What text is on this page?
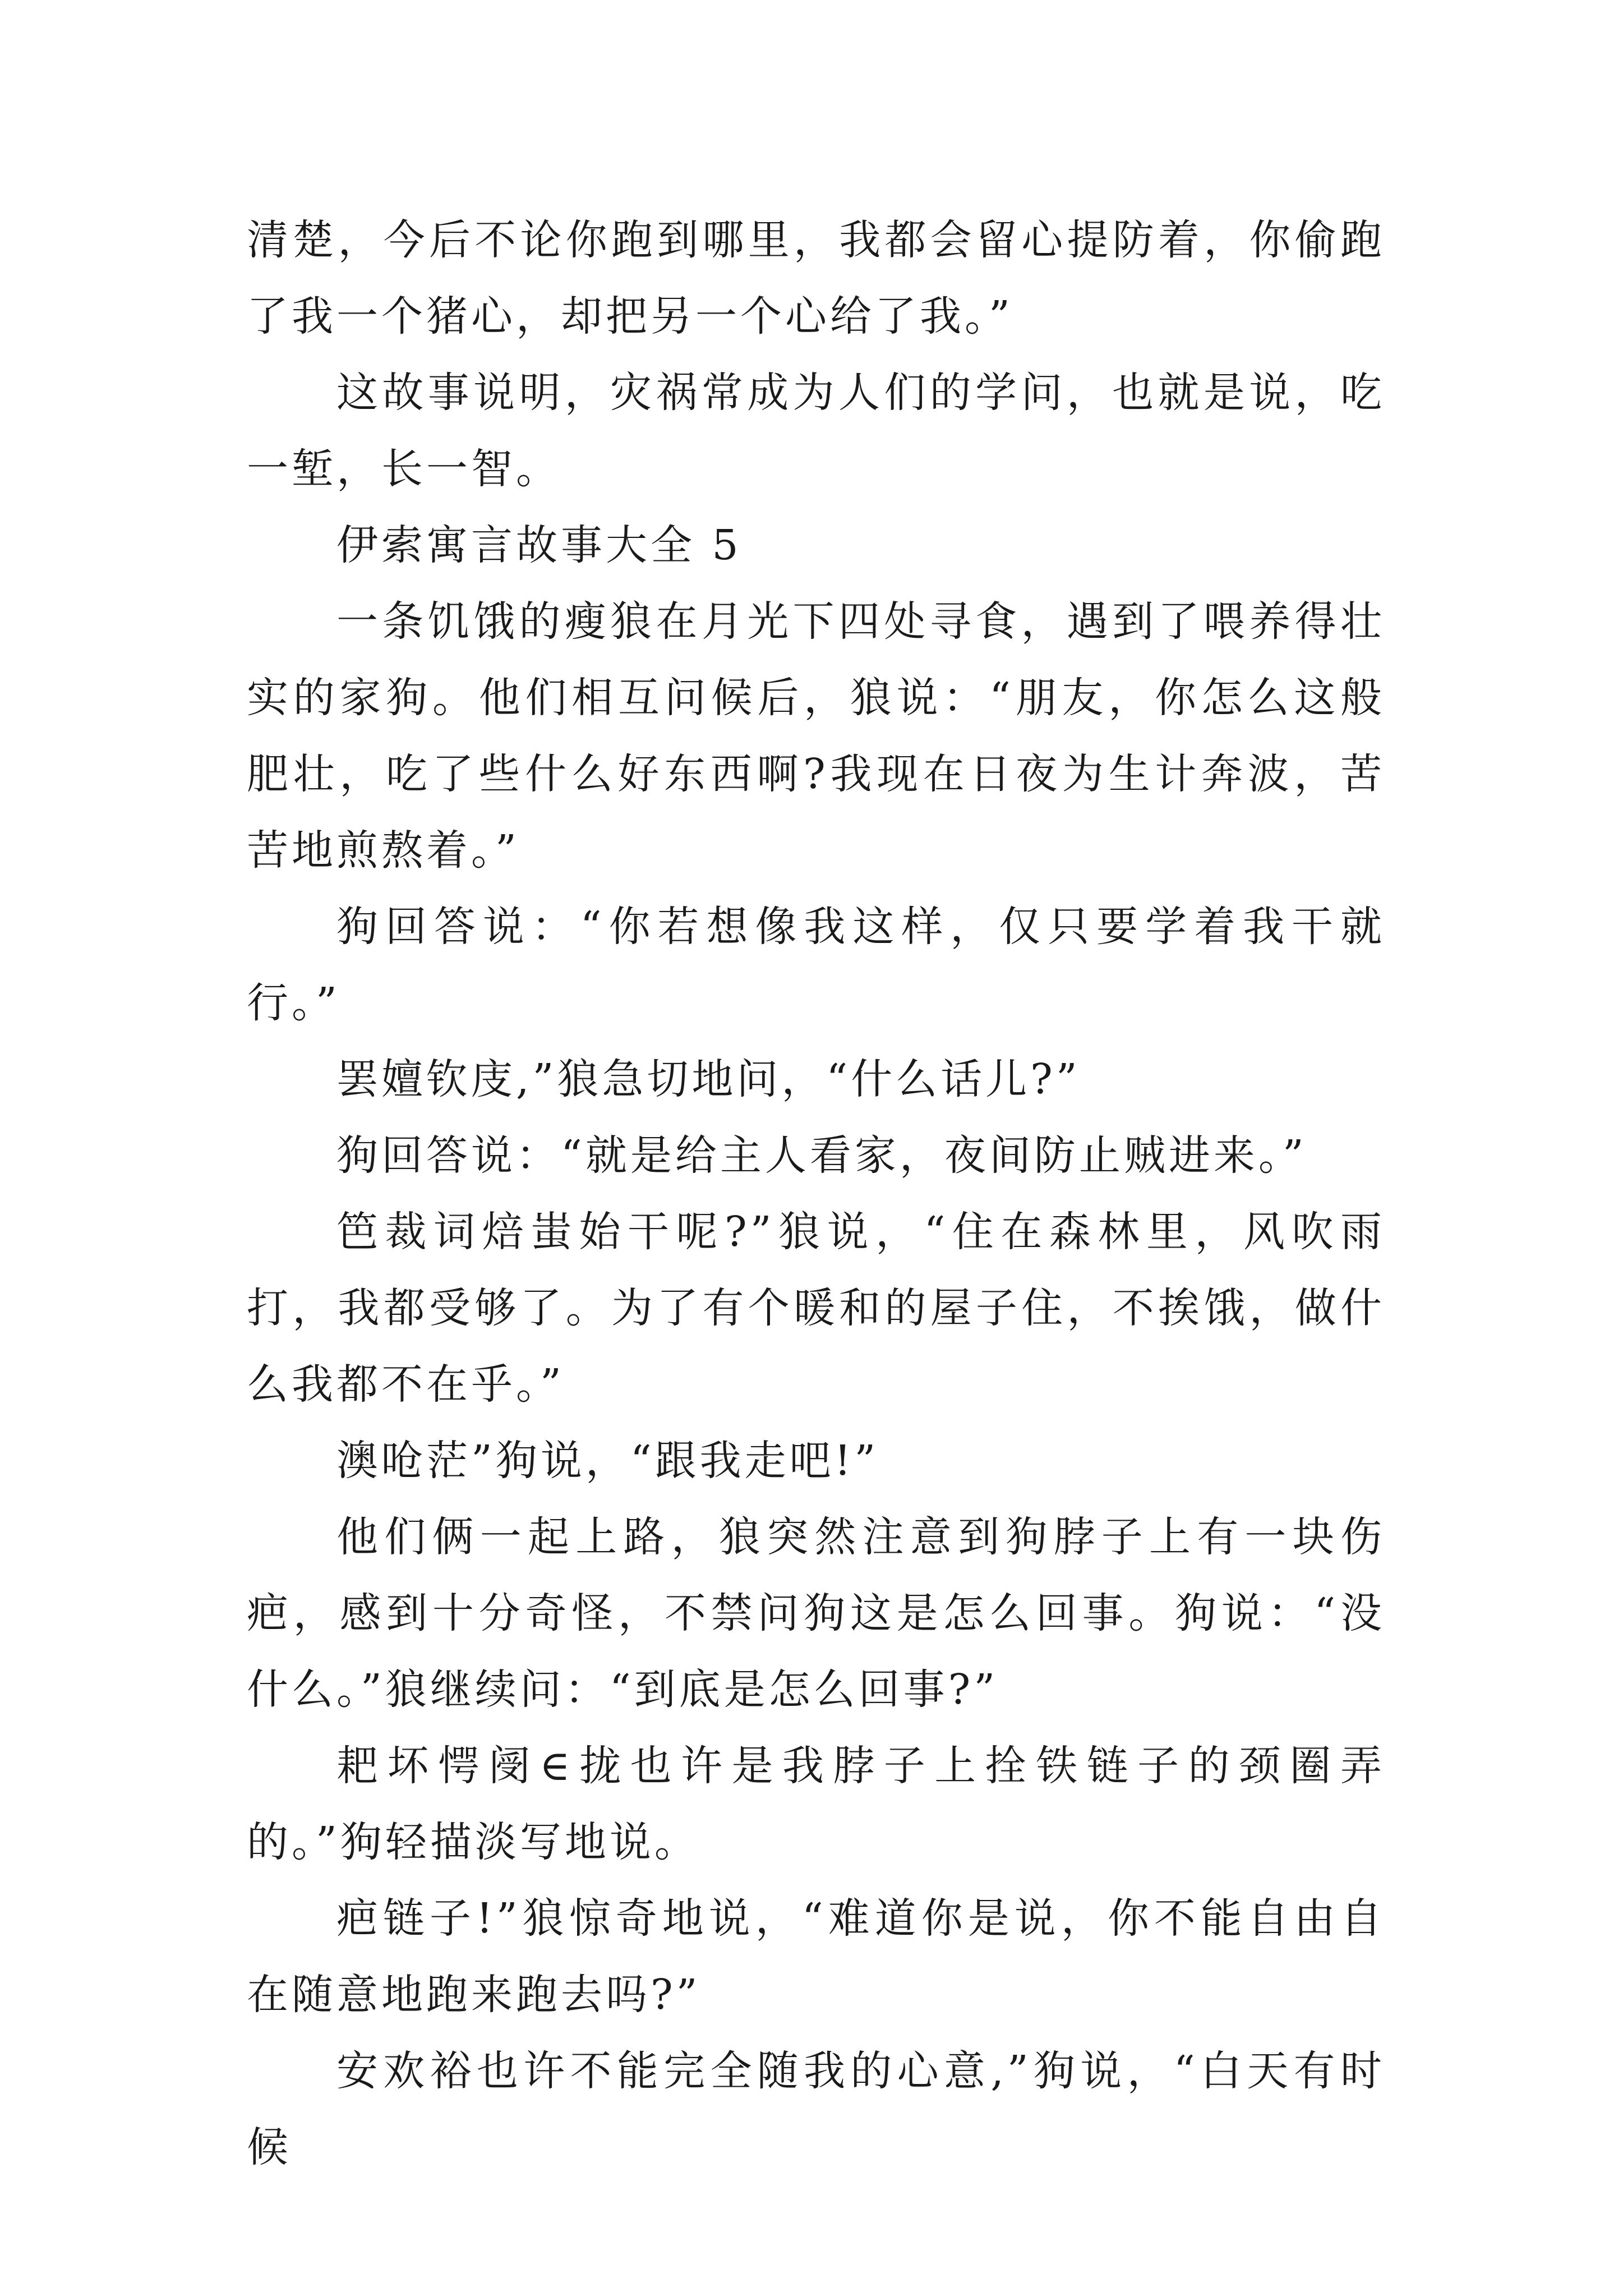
清楚，今后不论你跑到哪里，我都会留心提防着，你偷跑了我一个猪心，却把另一个心给了我。”

这故事说明，灾祸常成为人们的学问，也就是说，吃一堑，长一智。

伊索寓言故事大全 5

一条饥饿的瘦狼在月光下四处寻食，遇到了喂养得壮实的家狗。他们相互问候后，狼说：“朋友，你怎么这般肥壮，吃了些什么好东西啊?我现在日夜为生计奔波，苦苦地煎熬着。”

狗回答说：“你若想像我这样，仅只要学着我干就行。”

罢嬗钦庋,”狼急切地问，“什么话儿?”

狗回答说：“就是给主人看家，夜间防止贼进来。”

笆裁词焙蚩始干呢?”狼说，“住在森林里，风吹雨打，我都受够了。为了有个暖和的屋子住，不挨饿，做什么我都不在乎。”

澳呛茫”狗说，“跟我走吧!”

他们俩一起上路，狼突然注意到狗脖子上有一块伤疤，感到十分奇怪，不禁问狗这是怎么回事。狗说：“没什么。”狼继续问：“到底是怎么回事?”

耙坏愕阌∈拢也许是我脖子上拴铁链子的颈圈弄的。”狗轻描淡写地说。

疤链子!”狼惊奇地说，“难道你是说，你不能自由自在随意地跑来跑去吗?”

安欢裕也许不能完全随我的心意,”狗说，“白天有时候
